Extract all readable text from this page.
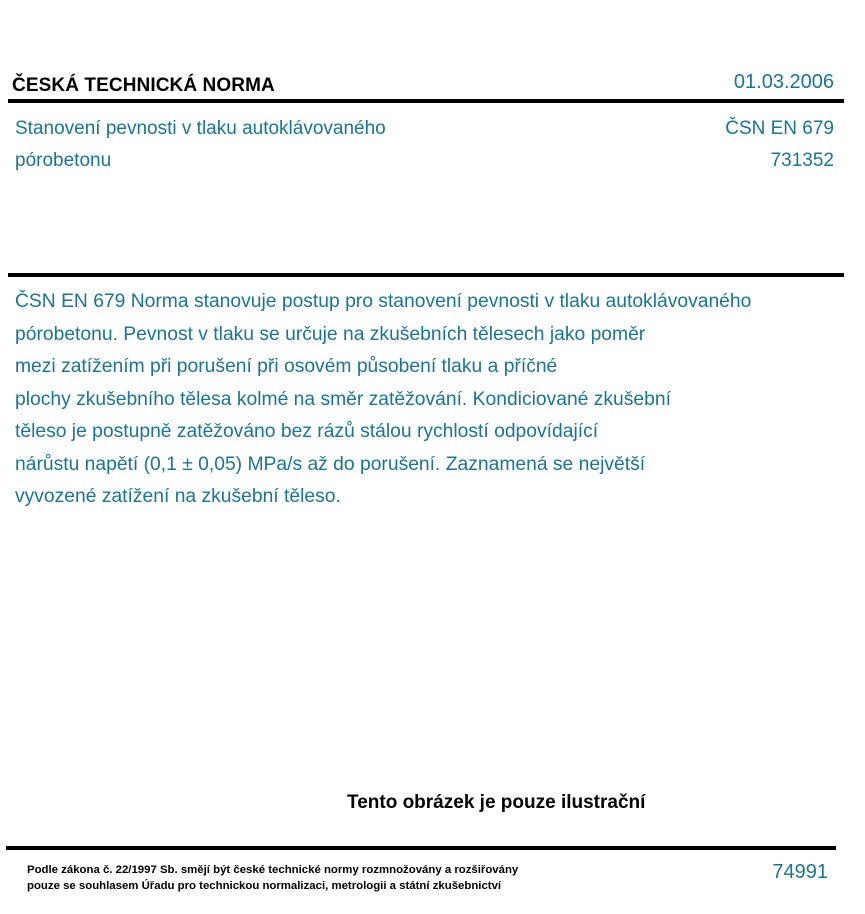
ČESKÁ TECHNICKÁ NORMA	01.03.2006
Stanovení pevnosti v tlaku autoklávovaného
pórobetonu
ČSN EN 679
731352
ČSN EN 679 Norma stanovuje postup pro stanovení pevnosti v tlaku autoklávovaného
pórobetonu. Pevnost v tlaku se určuje na zkušebních tělesech jako poměr
mezi zatížením při porušení při osovém působení tlaku a příčné
plochy zkušebního tělesa kolmé na směr zatěžování. Kondiciované zkušební
těleso je postupně zatěžováno bez rázů stálou rychlostí odpovídající
nárůstu napětí (0,1 ± 0,05) MPa/s až do porušení. Zaznamená se největší
vyvozené zatížení na zkušební těleso.
Tento obrázek je pouze ilustrační
Podle zákona č. 22/1997 Sb. smějí být české technické normy rozmnožovány a rozšiřovány
pouze se souhlasem Úřadu pro technickou normalizaci, metrologii a státní zkušebnictví
74991
